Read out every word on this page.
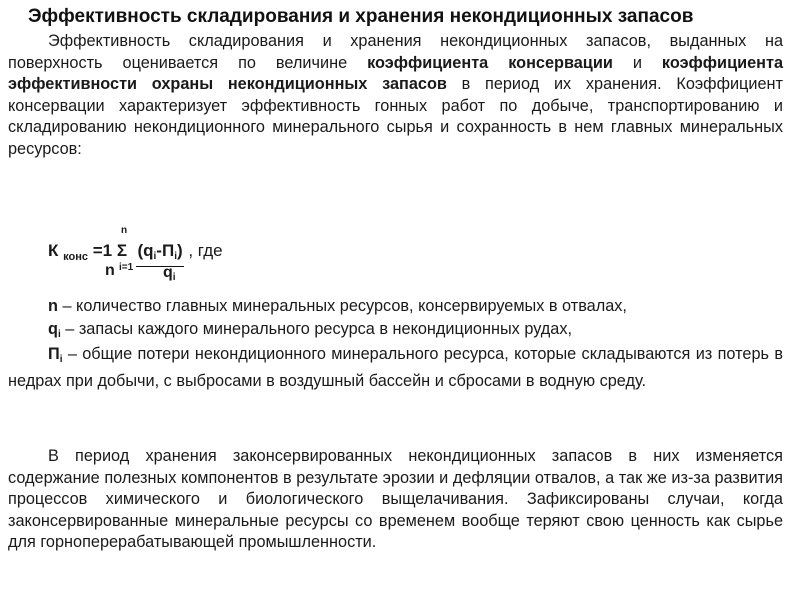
Эффективность складирования и хранения некондиционных запасов

Эффективность складирования и хранения некондиционных запасов, выданных на поверхность оценивается по величине коэффициента консервации и коэффициента эффективности охраны некондиционных запасов в период их хранения. Коэффициент консервации характеризует эффективность гонных работ по добыче, транспортированию и складированию некондиционного минерального сырья и сохранность в нем главных минеральных ресурсов:

n
К $_{конс}$ =1 Σ $(q_i-П_i)$ , где
n i=1 $q_i$

n – количество главных минеральных ресурсов, консервируемых в отвалах,

$q_i$ – запасы каждого минерального ресурса в некондиционных рудах,

$П_i$ – общие потери некондиционного минерального ресурса, которые складываются из потерь в недрах при добычи, с выбросами в воздушный бассейн и сбросами в водную среду.

В период хранения законсервированных некондиционных запасов в них изменяется содержание полезных компонентов в результате эрозии и дефляции отвалов, а так же из-за развития процессов химического и биологического выщелачивания. Зафиксированы случаи, когда законсервированные минеральные ресурсы со временем вообще теряют свою ценность как сырье для горноперерабатывающей промышленности.
